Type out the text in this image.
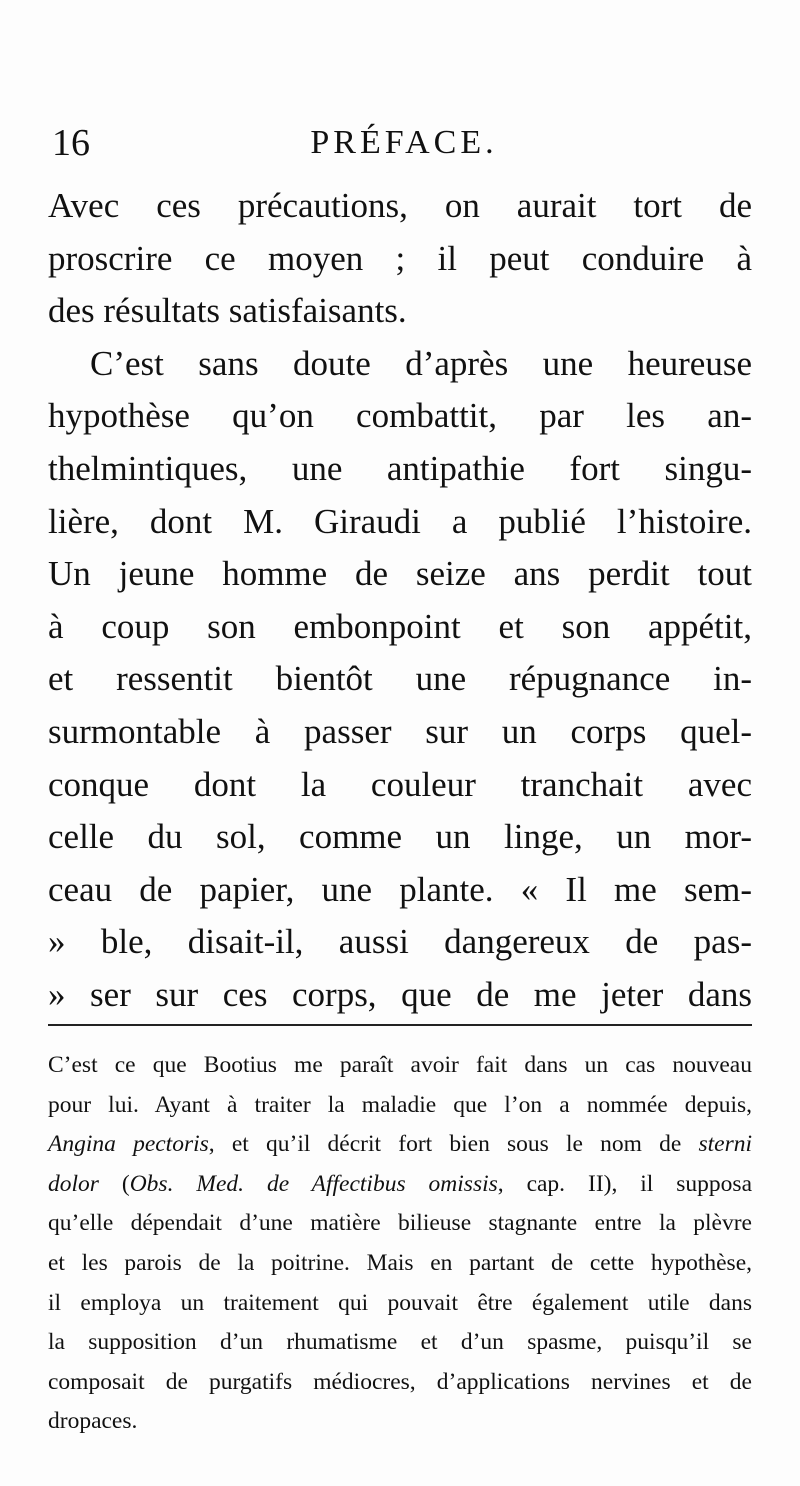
16	PRÉFACE.
Avec ces précautions, on aurait tort de
proscrire ce moyen ; il peut conduire à
des résultats satisfaisants.
C’est sans doute d’après une heureuse
hypothèse qu’on combattit, par les an-
thelmintiques, une antipathie fort singu-
lière, dont M. Giraudi a publié l’histoire.
Un jeune homme de seize ans perdit tout
à coup son embonpoint et son appétit,
et ressentit bientôt une répugnance in-
surmontable à passer sur un corps quel-
conque dont la couleur tranchait avec
celle du sol, comme un linge, un mor-
ceau de papier, une plante. « Il me sem-
» ble, disait-il, aussi dangereux de pas-
» ser sur ces corps, que de me jeter dans
C’est ce que Bootius me paraît avoir fait dans un cas nouveau
pour lui. Ayant à traiter la maladie que l’on a nommée depuis,
Angina pectoris, et qu’il décrit fort bien sous le nom de sterni
dolor (Obs. Med. de Affectibus omissis, cap. II), il supposa
qu’elle dépendait d’une matière bilieuse stagnante entre la plèvre
et les parois de la poitrine. Mais en partant de cette hypothèse,
il employa un traitement qui pouvait être également utile dans
la supposition d’un rhumatisme et d’un spasme, puisqu’il se
composait de purgatifs médiocres, d’applications nervines et de
dropaces.
